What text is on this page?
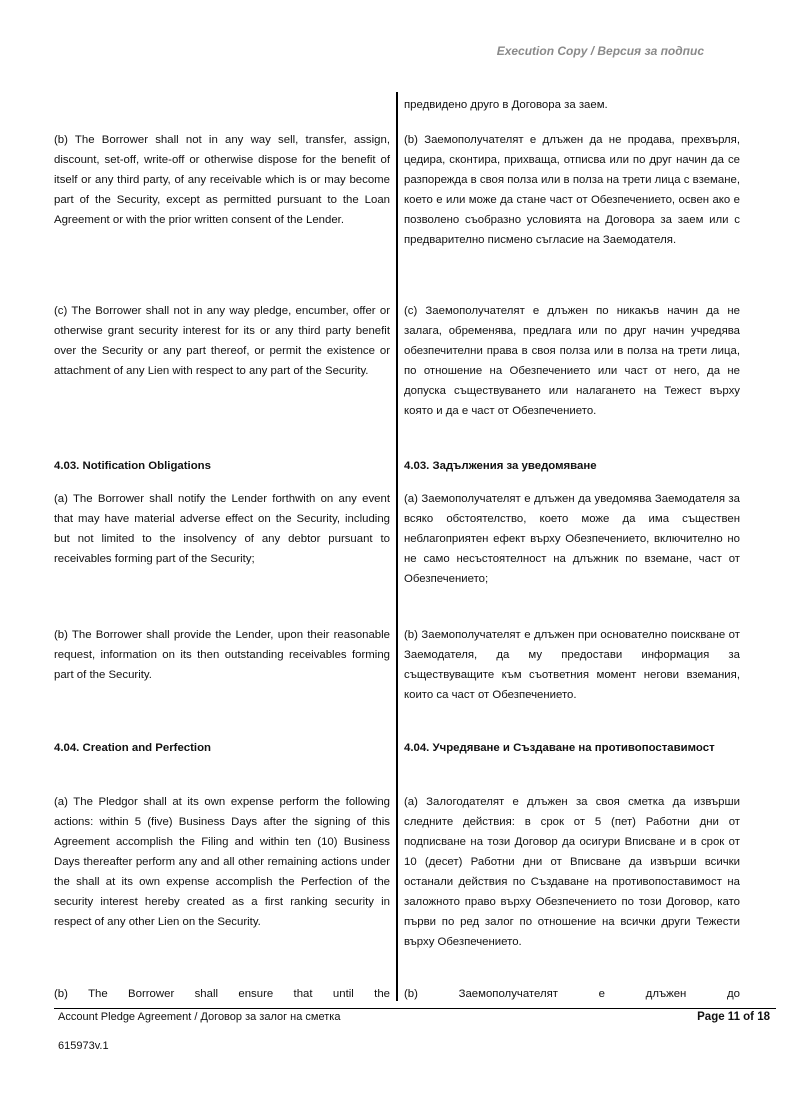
Execution Copy / Версия за подпис

предвидено друго в Договора за заем.

(b) The Borrower shall not in any way sell, transfer, assign, discount, set-off, write-off or otherwise dispose for the benefit of itself or any third party, of any receivable which is or may become part of the Security, except as permitted pursuant to the Loan Agreement or with the prior written consent of the Lender.

(b) Заемополучателят е длъжен да не продава, прехвърля, цедира, сконтира, прихваща, отписва или по друг начин да се разпорежда в своя полза или в полза на трети лица с вземане, което е или може да стане част от Обезпечението, освен ако е позволено съобразно условията на Договора за заем или с предварително писмено съгласие на Заемодателя.

(c) The Borrower shall not in any way pledge, encumber, offer or otherwise grant security interest for its or any third party benefit over the Security or any part thereof, or permit the existence or attachment of any Lien with respect to any part of the Security.

(c) Заемополучателят е длъжен по никакъв начин да не залага, обременява, предлага или по друг начин учредява обезпечителни права в своя полза или в полза на трети лица, по отношение на Обезпечението или част от него, да не допуска съществуването или налагането на Тежест върху която и да е част от Обезпечението.

4.03. Notification Obligations	4.03. Задължения за уведомяване

(a) The Borrower shall notify the Lender forthwith on any event that may have material adverse effect on the Security, including but not limited to the insolvency of any debtor pursuant to receivables forming part of the Security;

(a) Заемополучателят е длъжен да уведомява Заемодателя за всяко обстоятелство, което може да има съществен неблагоприятен ефект върху Обезпечението, включително но не само несъстоятелност на длъжник по вземане, част от Обезпечението;

(b) The Borrower shall provide the Lender, upon their reasonable request, information on its then outstanding receivables forming part of the Security.

(b) Заемополучателят е длъжен при основателно поискване от Заемодателя, да му предостави информация за съществуващите към съответния момент негови вземания, които са част от Обезпечението.

4.04. Creation and Perfection	4.04. Учредяване и Създаване на противопоставимост

(a) The Pledgor shall at its own expense perform the following actions: within 5 (five) Business Days after the signing of this Agreement accomplish the Filing and within ten (10) Business Days thereafter perform any and all other remaining actions under the shall at its own expense accomplish the Perfection of the security interest hereby created as a first ranking security in respect of any other Lien on the Security.

(a) Залогодателят е длъжен за своя сметка да извърши следните действия: в срок от 5 (пет) Работни дни от подписване на този Договор да осигури Вписване и в срок от 10 (десет) Работни дни от Вписване да извърши всички останали действия по Създаване на противопоставимост на заложното право върху Обезпечението по този Договор, като първи по ред залог по отношение на всички други Тежести върху Обезпечението.

(b) The Borrower shall ensure that until the (b) Заемополучателят е длъжен до

Account Pledge Agreement / Договор за залог на сметка	Page 11 of 18
615973v.1
